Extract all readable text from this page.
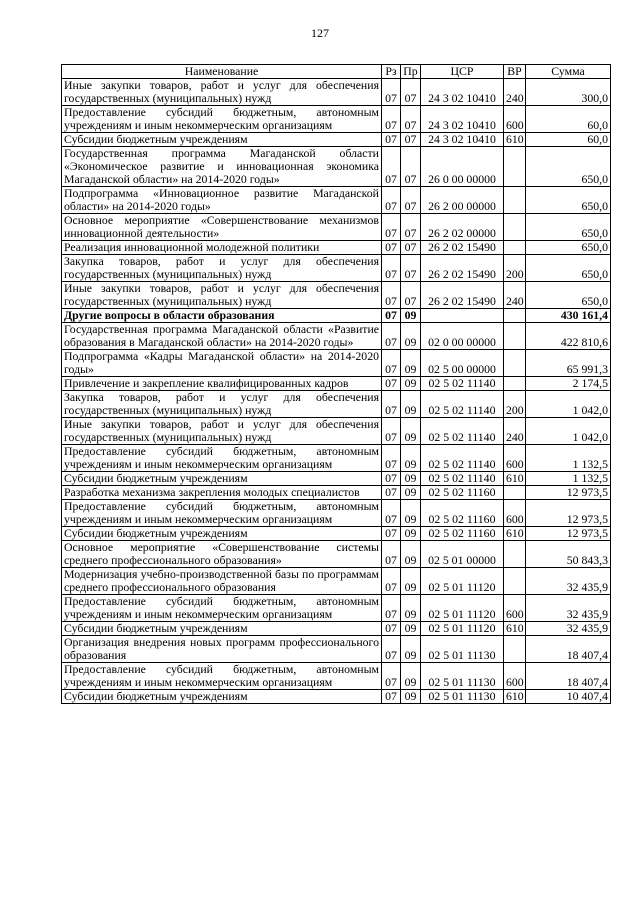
127
Наименование	Рз	Пр	ЦСР	ВР	Сумма
Иные закупки товаров, работ и услуг для обеспечения государственных (муниципальных) нужд	07	07	24 3 02 10410	240	300,0
Предоставление субсидий бюджетным, автономным учреждениям и иным некоммерческим организациям	07	07	24 3 02 10410	600	60,0
Субсидии бюджетным учреждениям	07	07	24 3 02 10410	610	60,0
Государственная программа Магаданской области «Экономическое развитие и инновационная экономика Магаданской области» на 2014-2020 годы»	07	07	26 0 00 00000		650,0
Подпрограмма «Инновационное развитие Магаданской области» на 2014-2020 годы»	07	07	26 2 00 00000		650,0
Основное мероприятие «Совершенствование механизмов инновационной деятельности»	07	07	26 2 02 00000		650,0
Реализация инновационной молодежной политики	07	07	26 2 02 15490		650,0
Закупка товаров, работ и услуг для обеспечения государственных (муниципальных) нужд	07	07	26 2 02 15490	200	650,0
Иные закупки товаров, работ и услуг для обеспечения государственных (муниципальных) нужд	07	07	26 2 02 15490	240	650,0
Другие вопросы в области образования	07	09			430 161,4
Государственная программа Магаданской области «Развитие образования в Магаданской области» на 2014-2020 годы»	07	09	02 0 00 00000		422 810,6
Подпрограмма «Кадры Магаданской области» на 2014-2020 годы»	07	09	02 5 00 00000		65 991,3
Привлечение и закрепление квалифицированных кадров	07	09	02 5 02 11140		2 174,5
Закупка товаров, работ и услуг для обеспечения государственных (муниципальных) нужд	07	09	02 5 02 11140	200	1 042,0
Иные закупки товаров, работ и услуг для обеспечения государственных (муниципальных) нужд	07	09	02 5 02 11140	240	1 042,0
Предоставление субсидий бюджетным, автономным учреждениям и иным некоммерческим организациям	07	09	02 5 02 11140	600	1 132,5
Субсидии бюджетным учреждениям	07	09	02 5 02 11140	610	1 132,5
Разработка механизма закрепления молодых специалистов	07	09	02 5 02 11160		12 973,5
Предоставление субсидий бюджетным, автономным учреждениям и иным некоммерческим организациям	07	09	02 5 02 11160	600	12 973,5
Субсидии бюджетным учреждениям	07	09	02 5 02 11160	610	12 973,5
Основное мероприятие «Совершенствование системы среднего профессионального образования»	07	09	02 5 01 00000		50 843,3
Модернизация учебно-производственной базы по программам среднего профессионального образования	07	09	02 5 01 11120		32 435,9
Предоставление субсидий бюджетным, автономным учреждениям и иным некоммерческим организациям	07	09	02 5 01 11120	600	32 435,9
Субсидии бюджетным учреждениям	07	09	02 5 01 11120	610	32 435,9
Организация внедрения новых программ профессионального образования	07	09	02 5 01 11130		18 407,4
Предоставление субсидий бюджетным, автономным учреждениям и иным некоммерческим организациям	07	09	02 5 01 11130	600	18 407,4
Субсидии бюджетным учреждениям	07	09	02 5 01 11130	610	10 407,4
